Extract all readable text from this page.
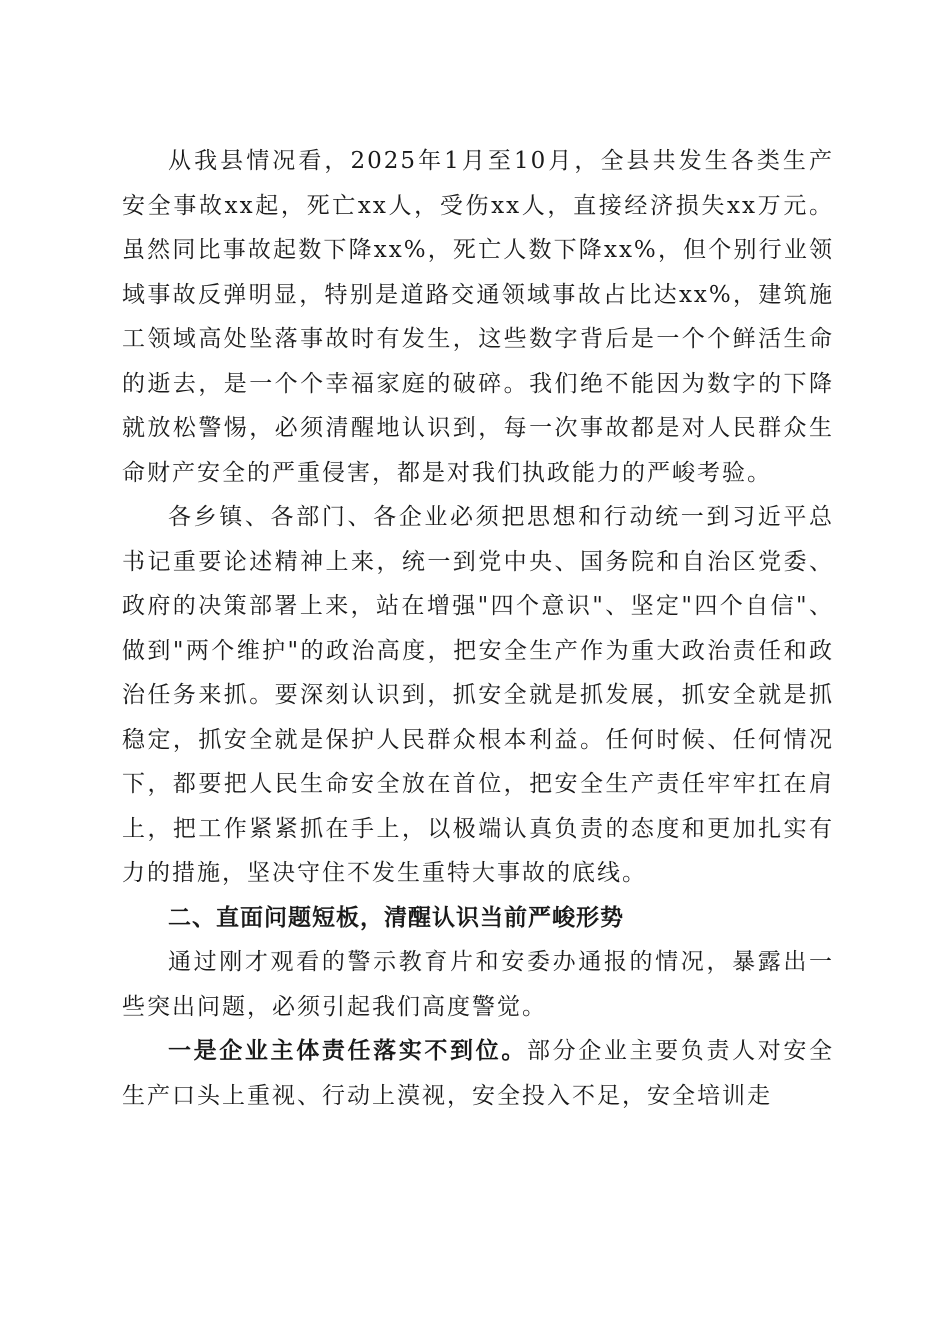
从我县情况看，2025年1月至10月，全县共发生各类生产安全事故xx起，死亡xx人，受伤xx人，直接经济损失xx万元。虽然同比事故起数下降xx%，死亡人数下降xx%，但个别行业领域事故反弹明显，特别是道路交通领域事故占比达xx%，建筑施工领域高处坠落事故时有发生，这些数字背后是一个个鲜活生命的逝去，是一个个幸福家庭的破碎。我们绝不能因为数字的下降就放松警惕，必须清醒地认识到，每一次事故都是对人民群众生命财产安全的严重侵害，都是对我们执政能力的严峻考验。

各乡镇、各部门、各企业必须把思想和行动统一到习近平总书记重要论述精神上来，统一到党中央、国务院和自治区党委、政府的决策部署上来，站在增强"四个意识"、坚定"四个自信"、做到"两个维护"的政治高度，把安全生产作为重大政治责任和政治任务来抓。要深刻认识到，抓安全就是抓发展，抓安全就是抓稳定，抓安全就是保护人民群众根本利益。任何时候、任何情况下，都要把人民生命安全放在首位，把安全生产责任牢牢扛在肩上，把工作紧紧抓在手上，以极端认真负责的态度和更加扎实有力的措施，坚决守住不发生重特大事故的底线。

二、直面问题短板，清醒认识当前严峻形势

通过刚才观看的警示教育片和安委办通报的情况，暴露出一些突出问题，必须引起我们高度警觉。

一是企业主体责任落实不到位。部分企业主要负责人对安全生产口头上重视、行动上漠视，安全投入不足，安全培训走
